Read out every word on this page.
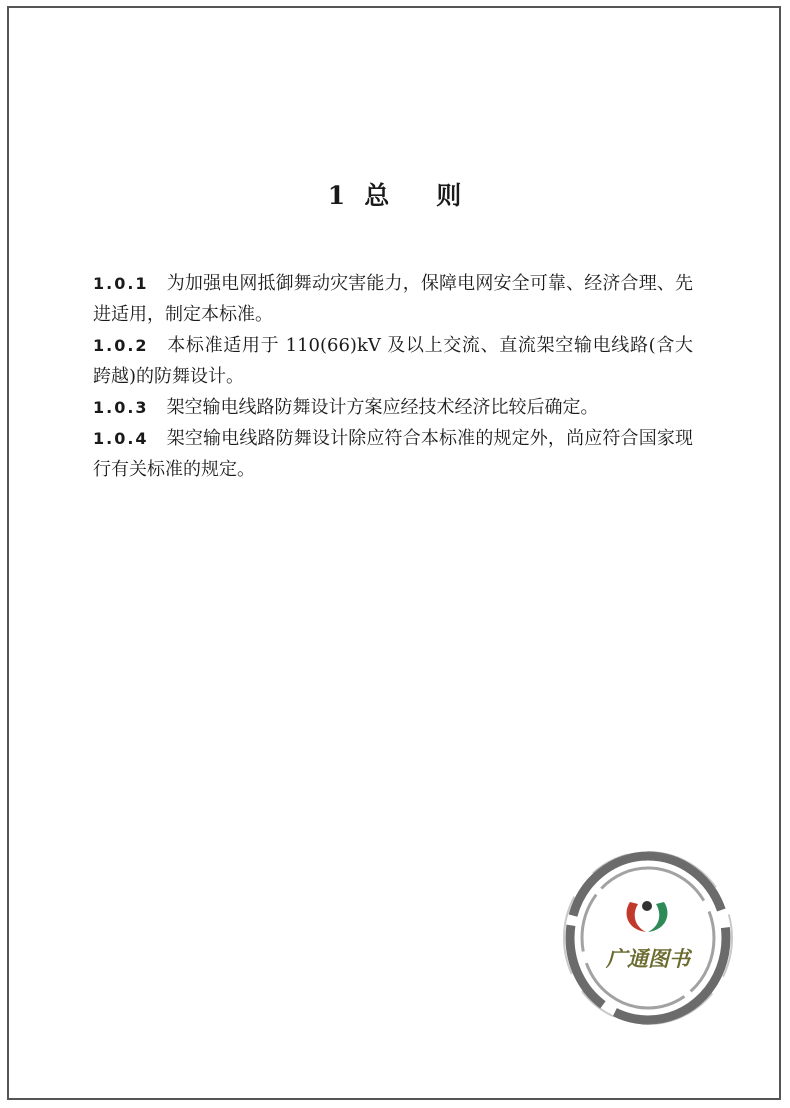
1 总 则

1.0.1 为加强电网抵御舞动灾害能力，保障电网安全可靠、经济合理、先进适用，制定本标准。

1.0.2 本标准适用于 110(66)kV 及以上交流、直流架空输电线路(含大跨越)的防舞设计。

1.0.3 架空输电线路防舞设计方案应经技术经济比较后确定。

1.0.4 架空输电线路防舞设计除应符合本标准的规定外，尚应符合国家现行有关标准的规定。

广通图书
